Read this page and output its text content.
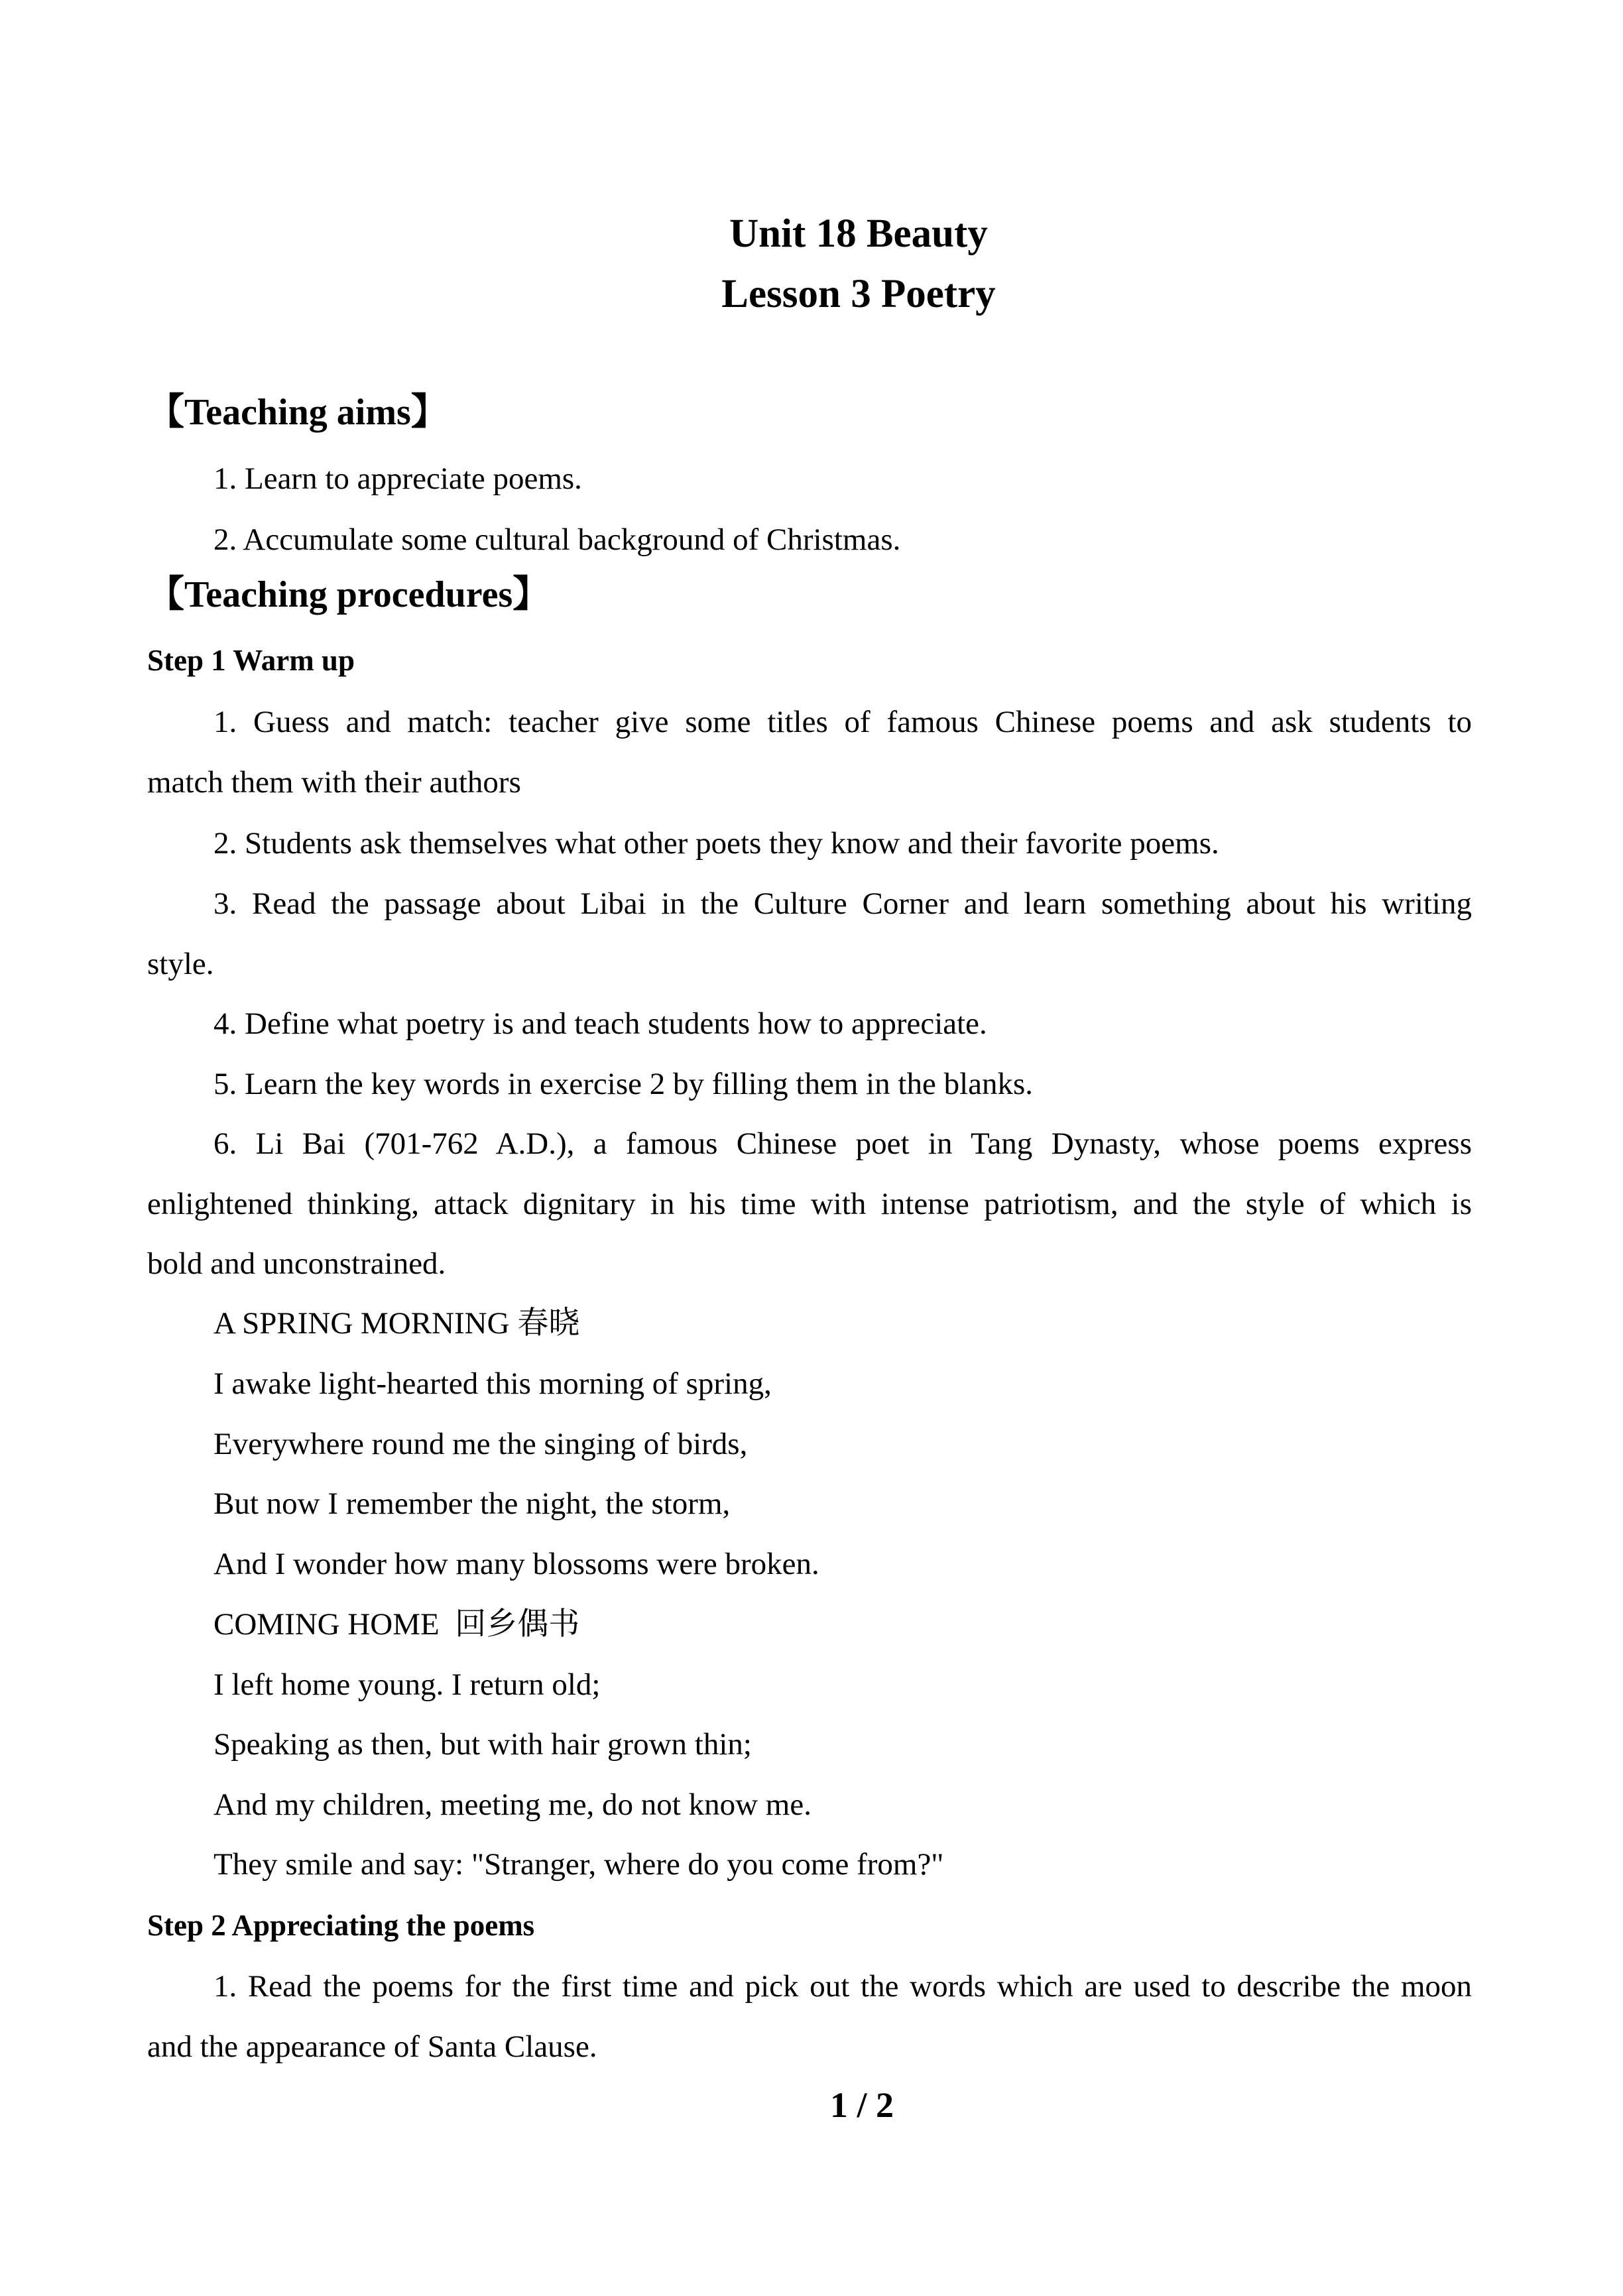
Unit 18 Beauty
Lesson 3 Poetry
【Teaching aims】
1. Learn to appreciate poems.
2. Accumulate some cultural background of Christmas.
【Teaching procedures】
Step 1 Warm up
1. Guess and match: teacher give some titles of famous Chinese poems and ask students to
match them with their authors
2. Students ask themselves what other poets they know and their favorite poems.
3. Read the passage about Libai in the Culture Corner and learn something about his writing
style.
4. Define what poetry is and teach students how to appreciate.
5. Learn the key words in exercise 2 by filling them in the blanks.
6. Li Bai (701-762 A.D.), a famous Chinese poet in Tang Dynasty, whose poems express
enlightened thinking, attack dignitary in his time with intense patriotism, and the style of which is
bold and unconstrained.
A SPRING MORNING 春晓
I awake light-hearted this morning of spring,
Everywhere round me the singing of birds,
But now I remember the night, the storm,
And I wonder how many blossoms were broken.
COMING HOME  回乡偶书
I left home young. I return old;
Speaking as then, but with hair grown thin;
And my children, meeting me, do not know me.
They smile and say: "Stranger, where do you come from?"
Step 2 Appreciating the poems
1. Read the poems for the first time and pick out the words which are used to describe the moon
and the appearance of Santa Clause.
1 / 2
